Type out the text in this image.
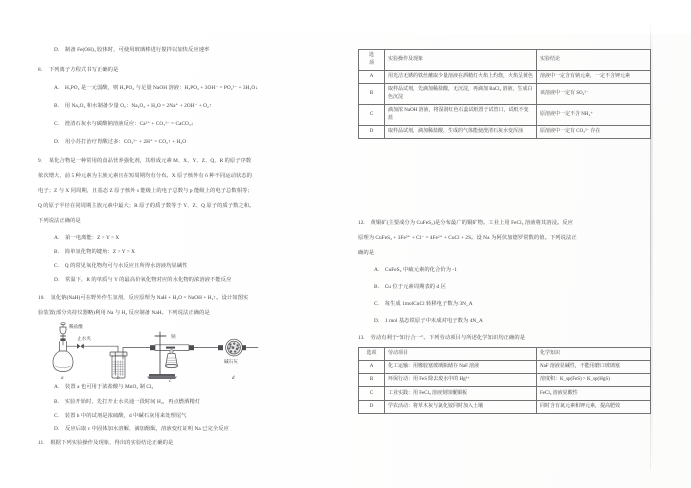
D. 制备 Fe(OH)₃ 胶体时，可使用玻璃棒进行搅拌以加快反应速率
8. 下列离子方程式书写正确的是
A. H₃PO₂ 是一元弱酸，则 H₃PO₂ 与足量 NaOH 溶液：H₃PO₂ + 3OH⁻ = PO₂³⁻ + 3H₂O↓
B. 用 Na₂O₂ 和水制备少量 O₂：Na₂O₂ + H₂O = 2Na⁺ + 2OH⁻ + O₂↑
C. 澄清石灰水与碳酸钠溶液反应：Ca²⁺ + CO₃²⁻ = CaCO₃↓
D. 用小苏打治疗胃酸过多：CO₃²⁻ + 2H⁺ = CO₂↑ + H₂O
9. 某化合物是一种常用的食品营养强化剂，其组成元素 M、X、Y、Z、Q、R 的原子序数
依次增大，前 5 种元素为主族元素且在短周期均有分布。X 原子核外有 6 种不同运动状态的
电子；Z 与 X 同周期，且基态 Z 原子核外 s 能级上的电子总数与 p 能级上的电子总数相等；
Q 的原子半径在同周期主族元素中最大；R 原子的质子数等于 Y、Z、Q 原子的质子数之和。
下列说法正确的是
A. 第一电离能：Z > Y > X
B. 简单氢化物的键角：Z > Y > X
C. Q 的常见氧化物均可与水反应且所得水溶液均显碱性
D. 常温下，R 的单质与 Y 的最高价氧化物对应的水化物的浓溶液不能反应
10. 氢化钠(NaH)可在野外作生氢剂，反应原理为 NaH + H₂O = NaOH + H₂↑。设计如图实
验装置(部分夹持仪器略)利用 Na 与 H₂ 反应制备 NaH。下列说法正确的是
稀盐酸
止水夹	钠
碱石灰
a	b
c
d
A. 装置 a 也可用于浓盐酸与 MnO₂ 制 Cl₂
B. 实验开始时，先打开止水夹通一段时间 H₂，再点燃酒精灯
C. 装置 b 中的试剂是浓硫酸，d 中碱石灰用来处理尾气
D. 反应后取 c 中固体加水溶解，滴加酚酞，溶液变红证明 Na 已完全反应
11. 根据下列实验操作及现象，得出的实验结论正确的是
选
项	实验操作及现象	实验结论
A	用光洁无锈的铁丝蘸取少量溶液在酒精灯火焰上灼烧，火焰呈黄色	溶液中一定含有钠元素，一定不含钾元素
B	取样品试剂，先滴加稀盐酸，无沉淀，再滴加 BaCl₂ 溶液，生成白色沉淀	该溶液中一定有 SO₄²⁻
C	滴加浓 NaOH 溶液，将湿润红色石蕊试纸置于试管口，试纸不变蓝	原溶液中一定不含 NH₄⁺
D	取样品试剂，滴加稀盐酸，生成的气体能使澄清石灰水变浑浊	原溶液中一定有 CO₃²⁻ 存在
12. 黄铜矿(主要成分为 CuFeS₂)是分布最广的铜矿物。工业上用 FeCl₃ 溶液将其溶浸。反应
原理为 CuFeS₂ + 3Fe³⁺ + Cl⁻ = 4Fe²⁺ + CuCl + 2S。设 Nᴀ 为阿伏加德罗常数的值。下列说法正
确的是
A. CuFeS₂ 中硫元素的化合价为 -1
B. Cu 位于元素周期表的 d 区
C. 每生成 1molCuCl 转移电子数为 3N_A
D. 1 mol 基态铁原子中未成对电子数为 4N_A
13. 劳动有利于“知行合一”。下列劳动项目与所述化学知识均正确的是
选项	劳动项目	化学知识
A	化工运输：用橡胶塞玻璃瓶储存 NaF 溶液	NaF 溶液显碱性，不能用磨口玻璃塞
B	环保行动：用 FeS 除去废水中的 Hg²⁺	溶度积：K_sp(FeS) > K_sp(HgS)
C	工业实践：用 FeCl₃ 溶液刻蚀覆铜板	FeCl₃ 溶液显酸性
D	学农活动：将草木灰与氯化铵同时加入土壤	同时含有氮元素和钾元素，提高肥效
